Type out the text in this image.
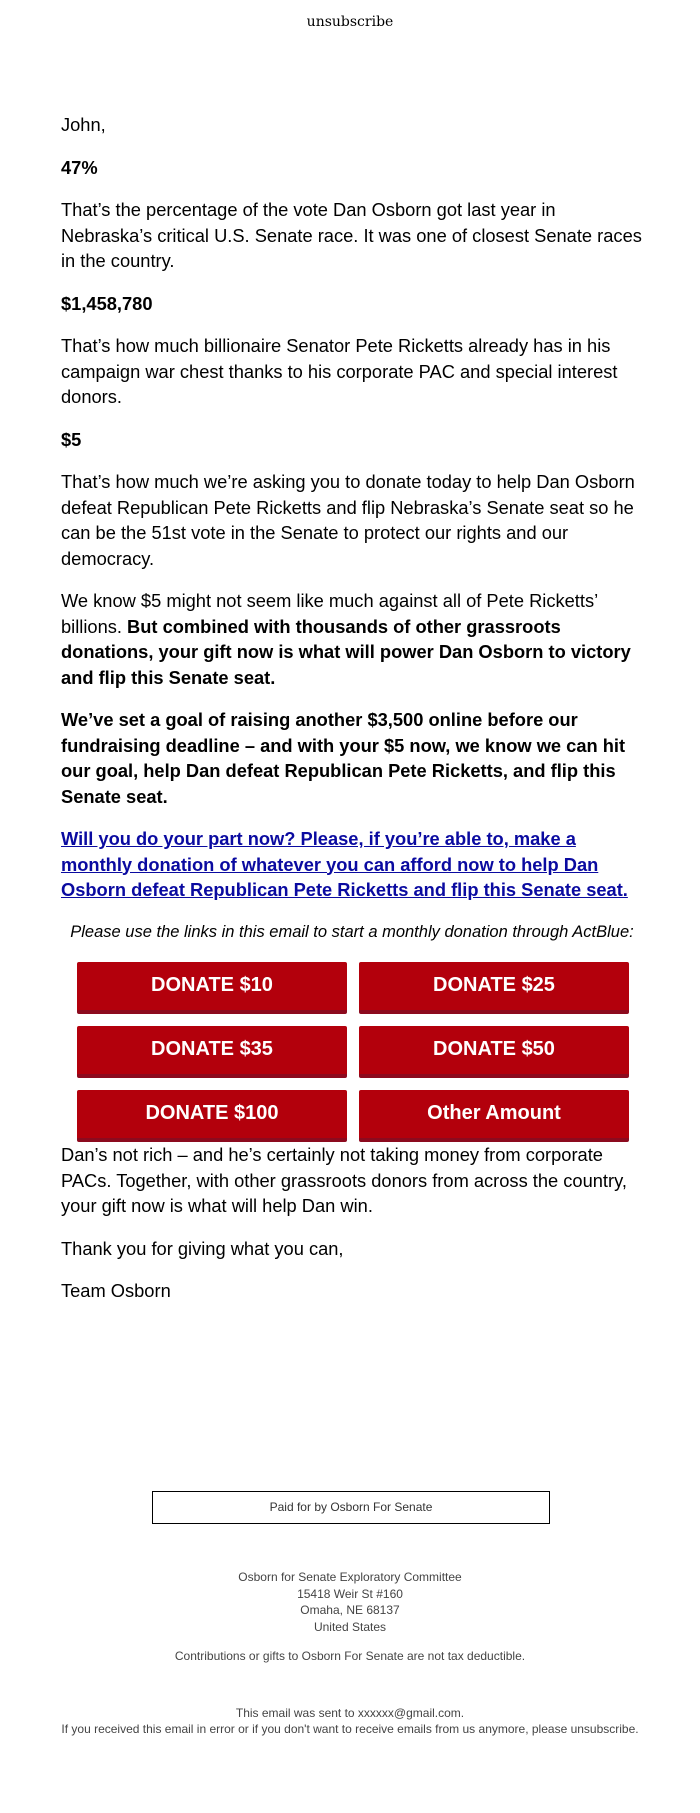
unsubscribe

John,

47%

That’s the percentage of the vote Dan Osborn got last year in Nebraska’s critical U.S. Senate race. It was one of closest Senate races in the country.

$1,458,780

That’s how much billionaire Senator Pete Ricketts already has in his campaign war chest thanks to his corporate PAC and special interest donors.

$5

That’s how much we’re asking you to donate today to help Dan Osborn defeat Republican Pete Ricketts and flip Nebraska’s Senate seat so he can be the 51st vote in the Senate to protect our rights and our democracy.

We know $5 might not seem like much against all of Pete Ricketts’ billions. But combined with thousands of other grassroots donations, your gift now is what will power Dan Osborn to victory and flip this Senate seat.

We’ve set a goal of raising another $3,500 online before our fundraising deadline – and with your $5 now, we know we can hit our goal, help Dan defeat Republican Pete Ricketts, and flip this Senate seat.

Will you do your part now? Please, if you’re able to, make a monthly donation of whatever you can afford now to help Dan Osborn defeat Republican Pete Ricketts and flip this Senate seat.

Please use the links in this email to start a monthly donation through ActBlue:

DONATE $10	DONATE $25
DONATE $35	DONATE $50
DONATE $100	Other Amount

Dan’s not rich – and he’s certainly not taking money from corporate PACs. Together, with other grassroots donors from across the country, your gift now is what will help Dan win.

Thank you for giving what you can,

Team Osborn

Paid for by Osborn For Senate
Osborn for Senate Exploratory Committee
15418 Weir St #160
Omaha, NE 68137
United States
Contributions or gifts to Osborn For Senate are not tax deductible.
This email was sent to xxxxxx@gmail.com.
If you received this email in error or if you don't want to receive emails from us anymore, please unsubscribe.
